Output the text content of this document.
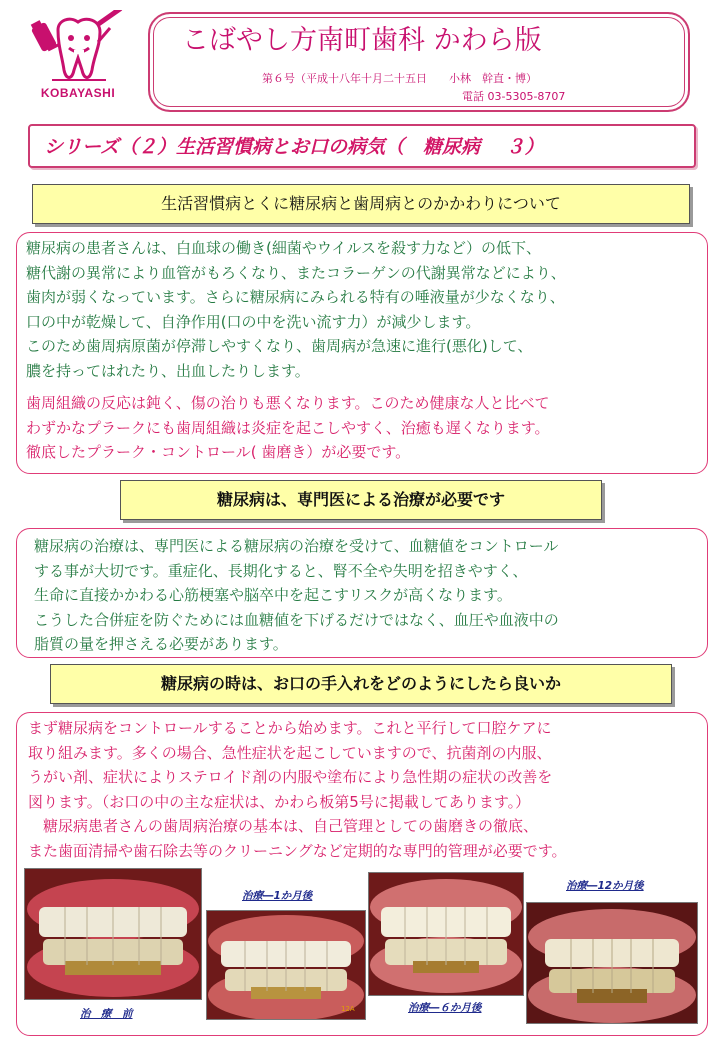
KOBAYASHI
こばやし方南町歯科 かわら版
第６号（平成十八年十月二十五日　　小林　幹直・博）
電話 03-5305-8707
シリーズ（２）生活習慣病とお口の病気（　糖尿病　 ３）
生活習慣病とくに糖尿病と歯周病とのかかわりについて
糖尿病の患者さんは、白血球の働き(細菌やウイルスを殺す力など）の低下、
糖代謝の異常により血管がもろくなり、またコラーゲンの代謝異常などにより、
歯肉が弱くなっています。さらに糖尿病にみられる特有の唾液量が少なくなり、
口の中が乾燥して、自浄作用(口の中を洗い流す力）が減少します。
このため歯周病原菌が停滞しやすくなり、歯周病が急速に進行(悪化)して、
膿を持ってはれたり、出血したりします。
歯周組織の反応は鈍く、傷の治りも悪くなります。このため健康な人と比べて
わずかなプラークにも歯周組織は炎症を起こしやすく、治癒も遅くなります。
徹底したプラーク・コントロール( 歯磨き）が必要です。
糖尿病は、専門医による治療が必要です
糖尿病の治療は、専門医による糖尿病の治療を受けて、血糖値をコントロール
する事が大切です。重症化、長期化すると、腎不全や失明を招きやすく、
生命に直接かかわる心筋梗塞や脳卒中を起こすリスクが高くなります。
こうした合併症を防ぐためには血糖値を下げるだけではなく、血圧や血液中の
脂質の量を押さえる必要があります。
糖尿病の時は、お口の手入れをどのようにしたら良いか
まず糖尿病をコントロールすることから始めます。これと平行して口腔ケアに
取り組みます。多くの場合、急性症状を起こしていますので、抗菌剤の内服、
うがい剤、症状によりステロイド剤の内服や塗布により急性期の症状の改善を
図ります。（お口の中の主な症状は、かわら板第5号に掲載してあります。）
　糖尿病患者さんの歯周病治療の基本は、自己管理としての歯磨きの徹底、
また歯面清掃や歯石除去等のクリーニングなど定期的な専門的管理が必要です。
12A
治　療　前
治療―1か月後
治療―６か月後
治療―12か月後
